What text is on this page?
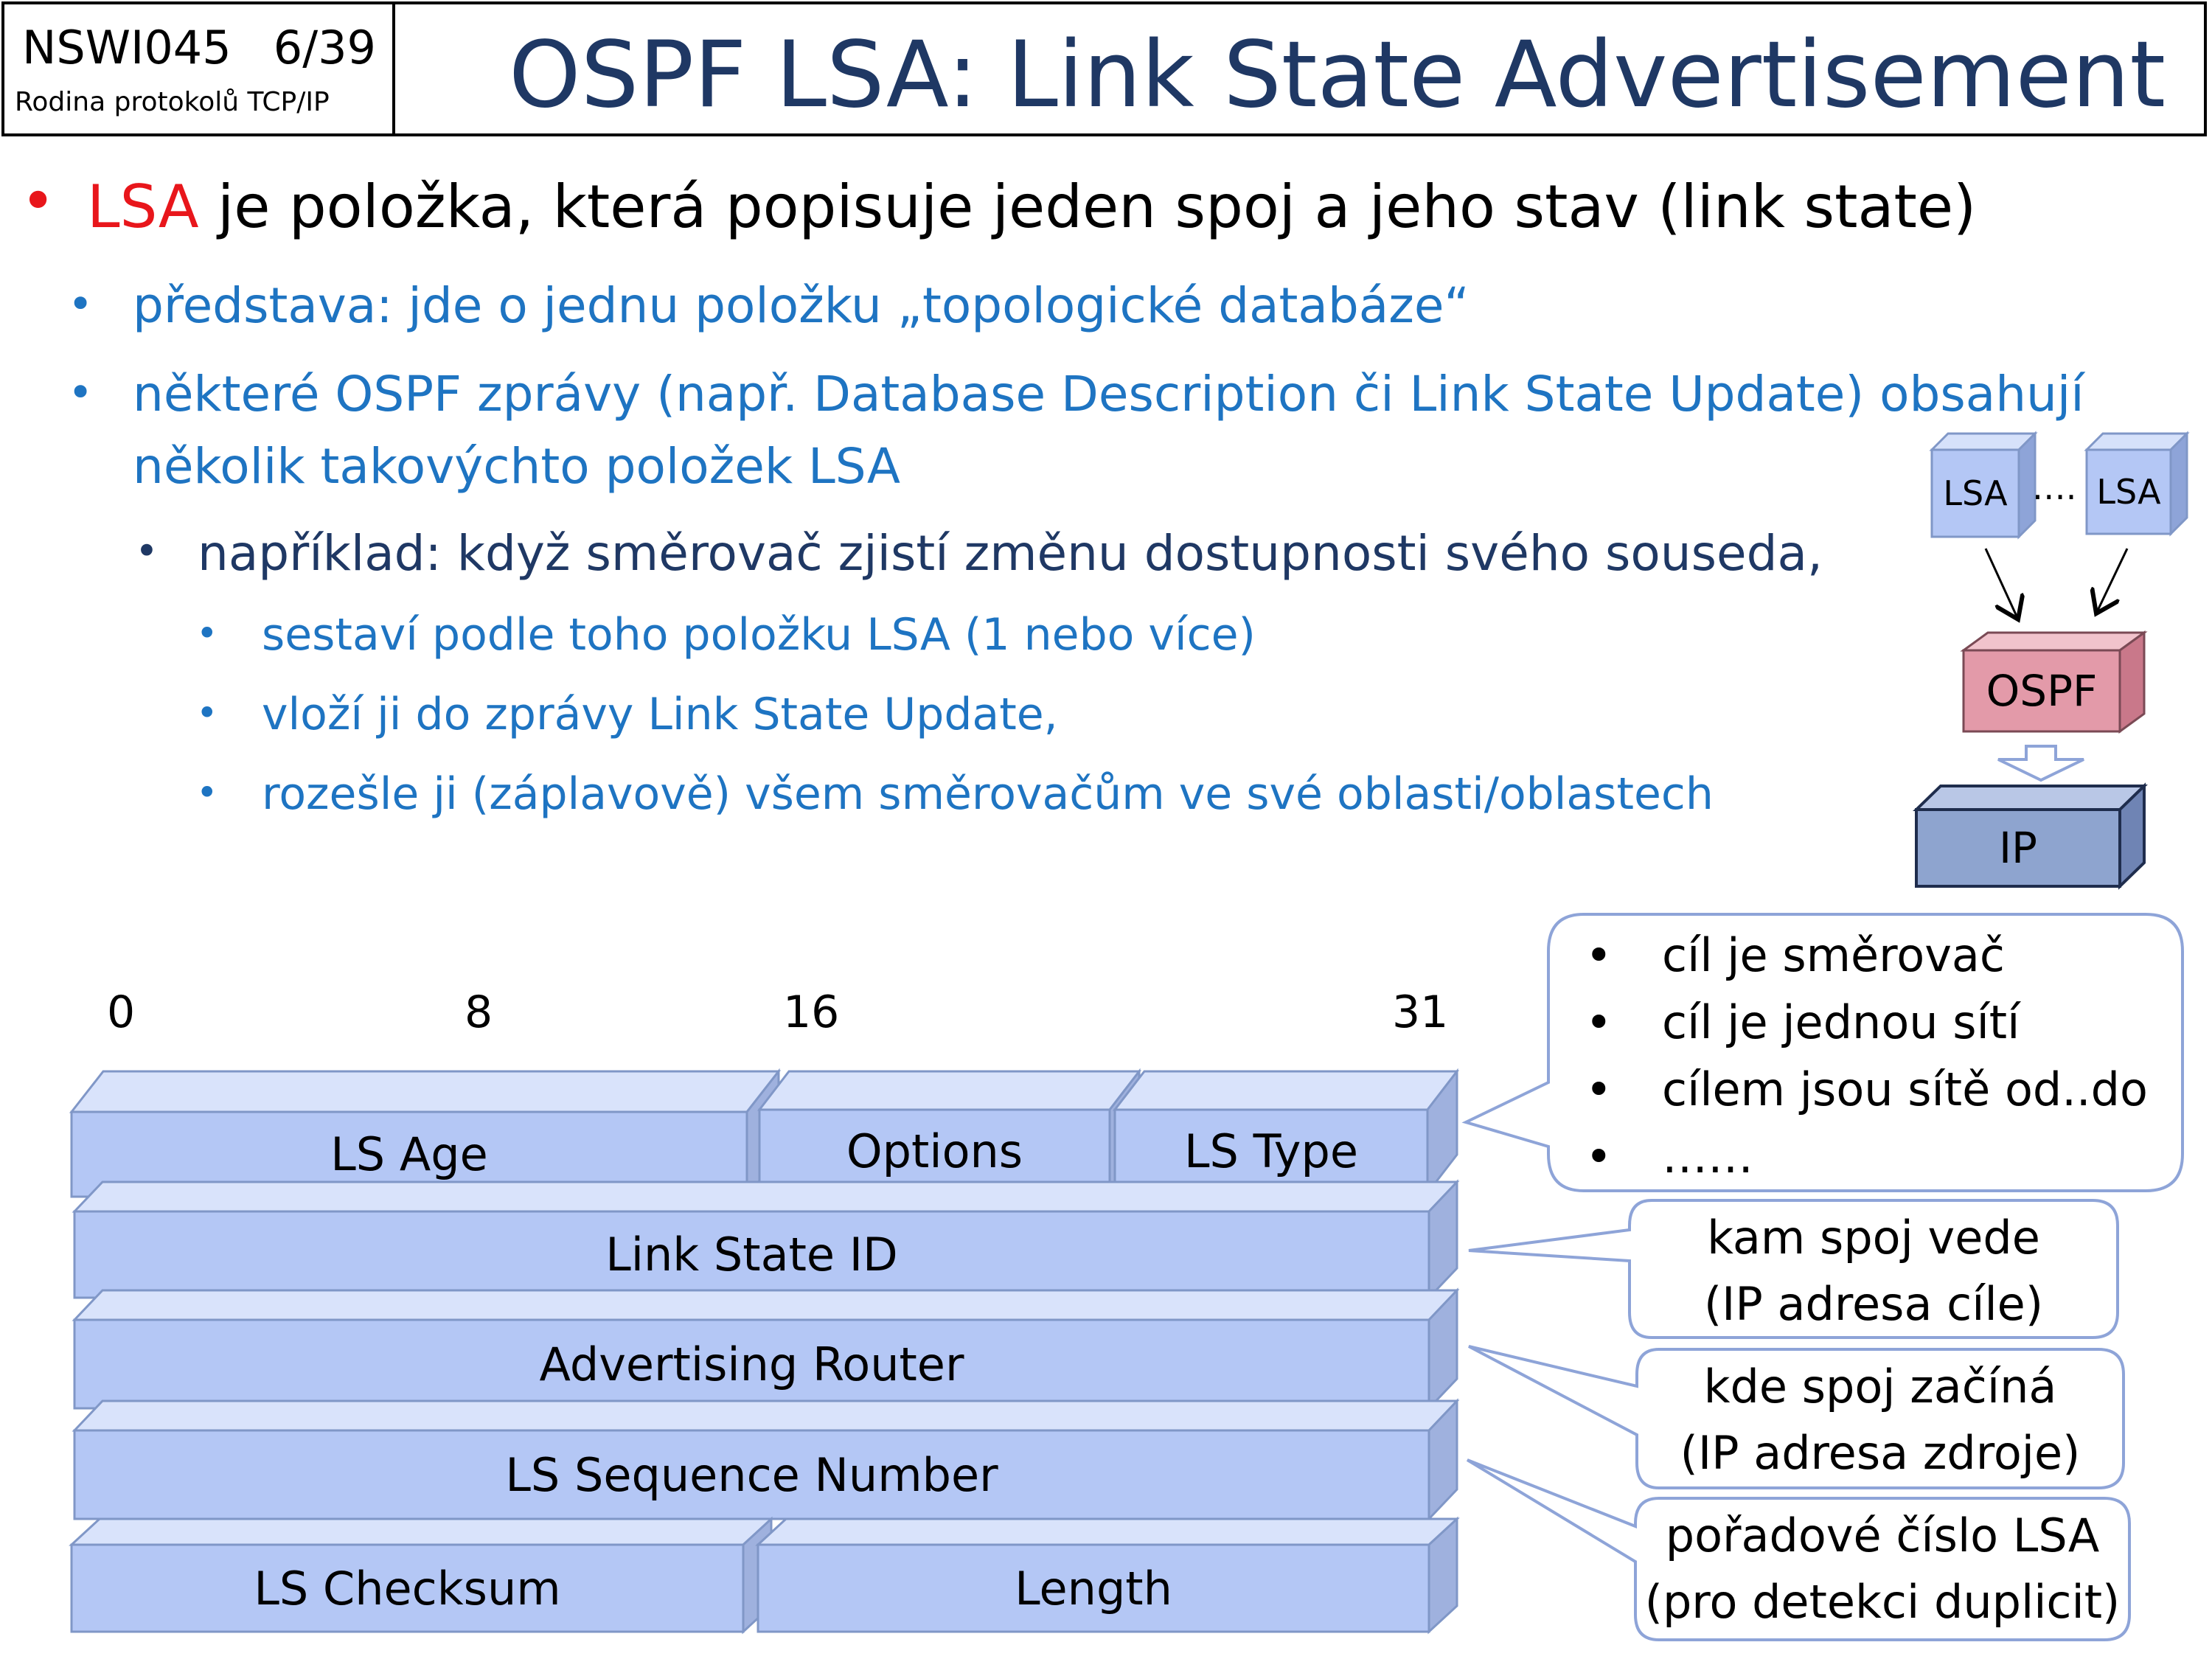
NSWI045 6/39
Rodina protokolů TCP/IP OSPF LSA: Link State Advertisement
• LSA je položka, která popisuje jeden spoj a jeho stav (link state)
• představa: jde o jednu položku „topologické databáze“
• některé OSPF zprávy (např. Database Description či Link State Update) obsahují
několik takovýchto položek LSA
• například: když směrovač zjistí změnu dostupnosti svého souseda,
• sestaví podle toho položku LSA (1 nebo více)
• vloží ji do zprávy Link State Update,
• rozešle ji (záplavově) všem směrovačům ve své oblasti/oblastech
LSA …. LSA
OSPF
IP
0	8	16	31
LS Age	Options	LS Type
Link State ID
Advertising Router
LS Sequence Number
LS Checksum	Length
• cíl je směrovač
• cíl je jednou sítí
• cílem jsou sítě od..do
• ……
kam spoj vede
(IP adresa cíle)
kde spoj začíná
(IP adresa zdroje)
pořadové číslo LSA
(pro detekci duplicit)
